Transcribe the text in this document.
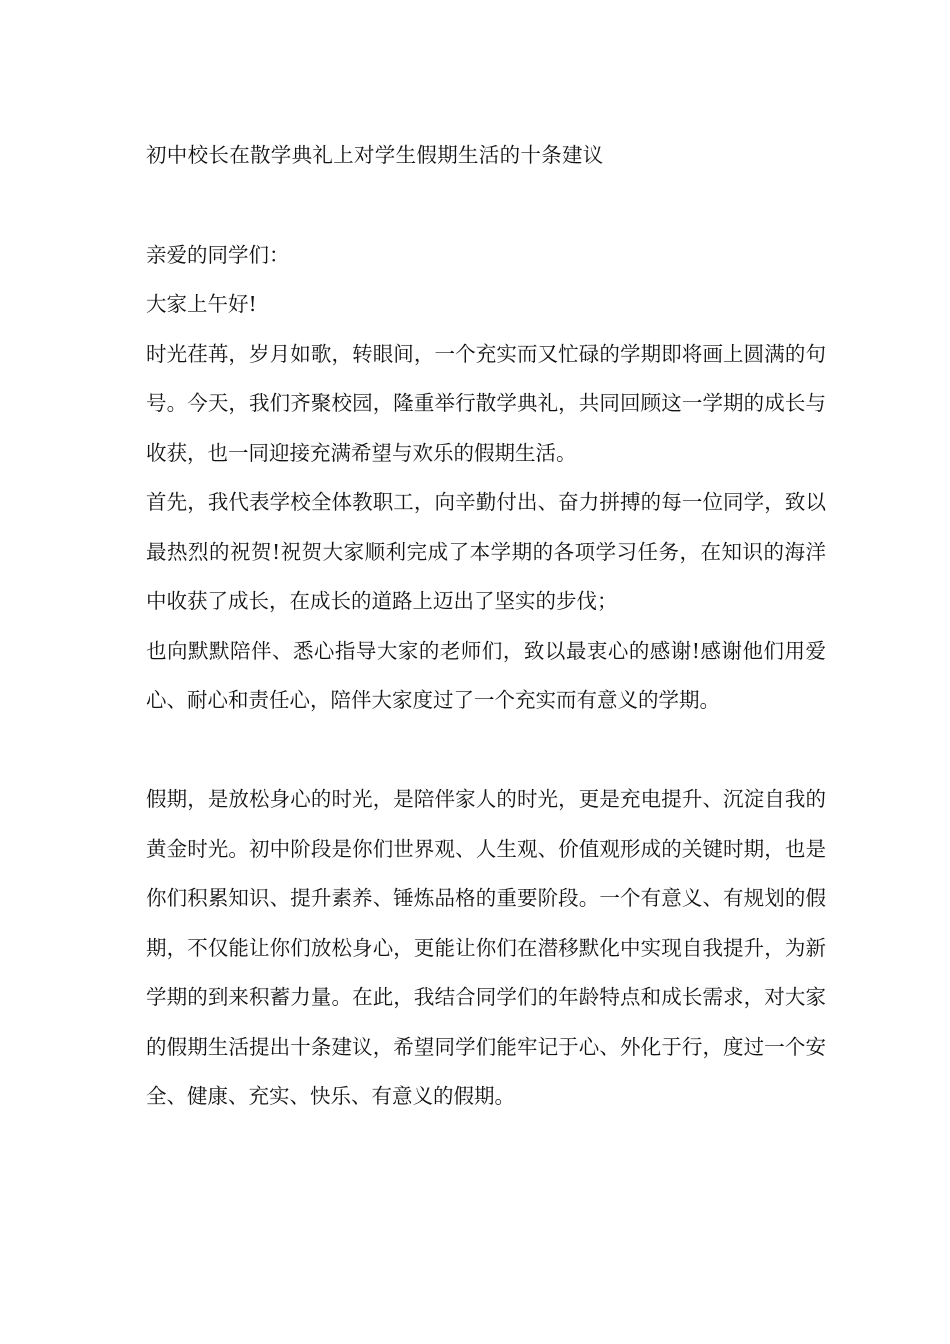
初中校长在散学典礼上对学生假期生活的十条建议

亲爱的同学们：

大家上午好!

时光荏苒，岁月如歌，转眼间，一个充实而又忙碌的学期即将画上圆满的句号。今天，我们齐聚校园，隆重举行散学典礼，共同回顾这一学期的成长与收获，也一同迎接充满希望与欢乐的假期生活。

首先，我代表学校全体教职工，向辛勤付出、奋力拼搏的每一位同学，致以最热烈的祝贺!祝贺大家顺利完成了本学期的各项学习任务，在知识的海洋中收获了成长，在成长的道路上迈出了坚实的步伐；

也向默默陪伴、悉心指导大家的老师们，致以最衷心的感谢!感谢他们用爱心、耐心和责任心，陪伴大家度过了一个充实而有意义的学期。

假期，是放松身心的时光，是陪伴家人的时光，更是充电提升、沉淀自我的黄金时光。初中阶段是你们世界观、人生观、价值观形成的关键时期，也是你们积累知识、提升素养、锤炼品格的重要阶段。一个有意义、有规划的假期，不仅能让你们放松身心，更能让你们在潜移默化中实现自我提升，为新学期的到来积蓄力量。在此，我结合同学们的年龄特点和成长需求，对大家的假期生活提出十条建议，希望同学们能牢记于心、外化于行，度过一个安全、健康、充实、快乐、有意义的假期。
